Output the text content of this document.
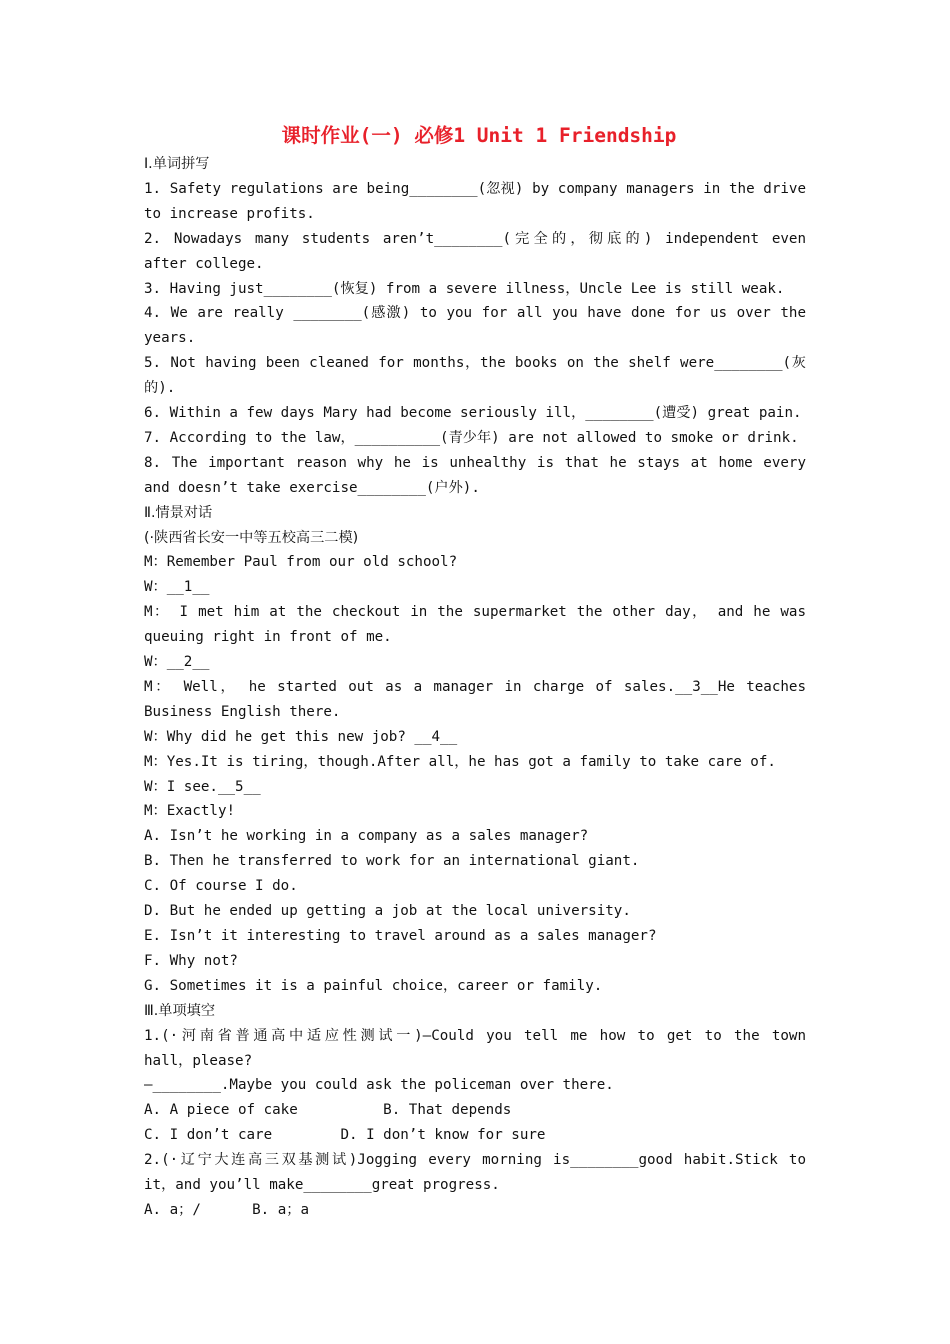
课时作业(一) 必修1 Unit 1 Friendship
Ⅰ.单词拼写
1. Safety regulations are being________(忽视) by company managers in the drive
to increase profits.
2. Nowadays many students aren’t________(完全的，彻底的) independent even
after college.
3. Having just________(恢复) from a severe illness，Uncle Lee is still weak.
4. We are really ________(感激) to you for all you have done for us over the
years.
5. Not having been cleaned for months，the books on the shelf were________(灰
的).
6. Within a few days Mary had become seriously ill，________(遭受) great pain.
7. According to the law，__________(青少年) are not allowed to smoke or drink.
8. The important reason why he is unhealthy is that he stays at home every
and doesn’t take exercise________(户外).
Ⅱ.情景对话
(·陕西省长安一中等五校高三二模)
M：Remember Paul from our old school?
W：__1__
M： I met him at the checkout in the supermarket the other day， and he was
queuing right in front of me.
W：__2__
M： Well， he started out as a manager in charge of sales.__3__He teaches
Business English there.
W：Why did he get this new job? __4__
M：Yes.It is tiring，though.After all，he has got a family to take care of.
W：I see.__5__
M：Exactly!
A. Isn’t he working in a company as a sales manager?
B. Then he transferred to work for an international giant.
C. Of course I do.
D. But he ended up getting a job at the local university.
E. Isn’t it interesting to travel around as a sales manager?
F. Why not?
G. Sometimes it is a painful choice，career or family.
Ⅲ.单项填空
1.(·河南省普通高中适应性测试一)—Could you tell me how to get to the town
hall，please?
—________.Maybe you could ask the policeman over there.
A. A piece of cake          B. That depends
C. I don’t care        D. I don’t know for sure
2.(·辽宁大连高三双基测试)Jogging every morning is________good habit.Stick to
it，and you’ll make________great progress.
A. a；/      B. a；a
